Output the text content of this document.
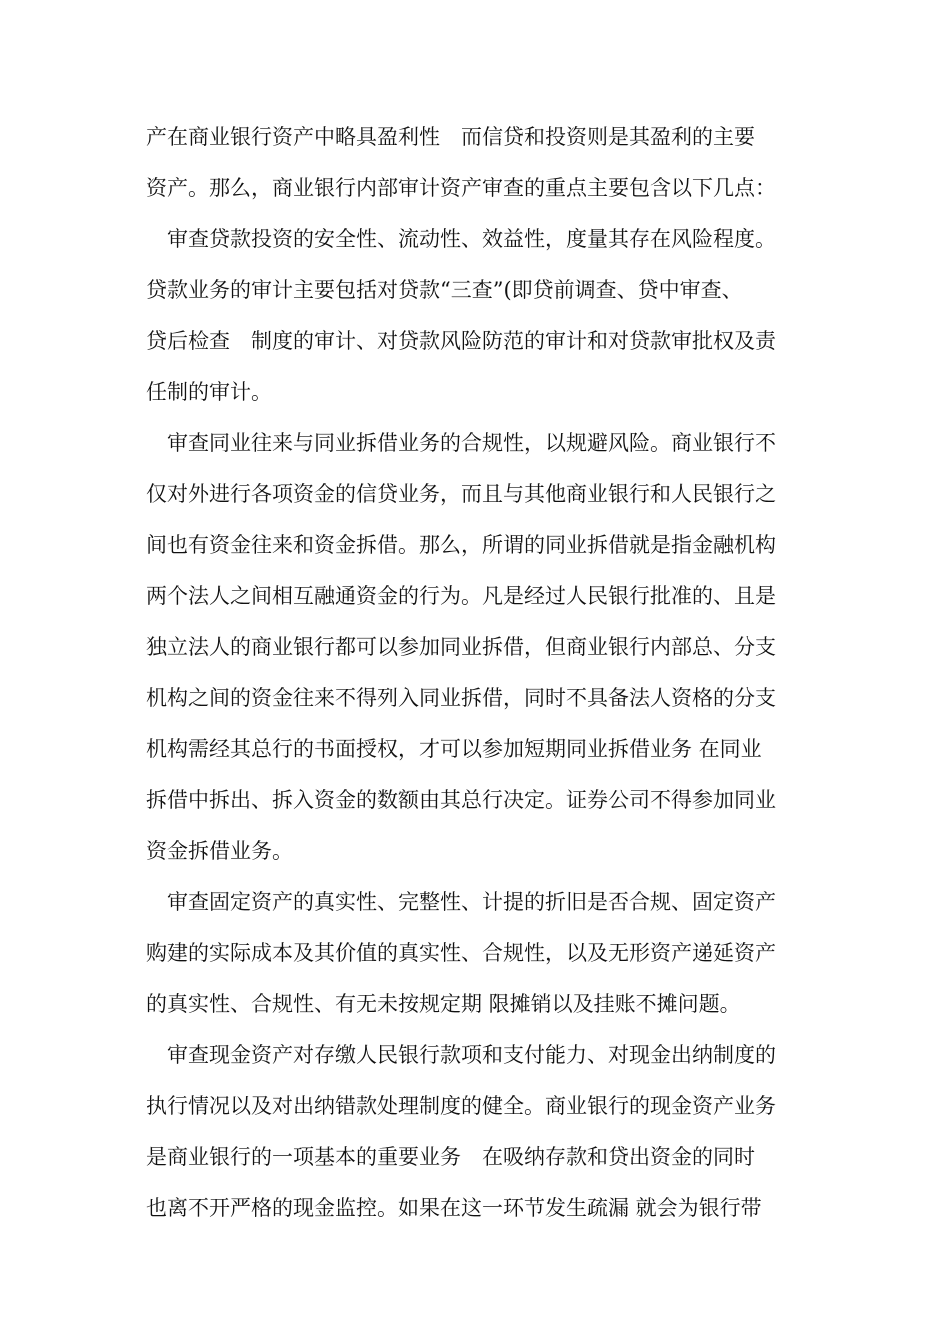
产在商业银行资产中略具盈利性　而信贷和投资则是其盈利的主要
资产。那么，商业银行内部审计资产审查的重点主要包含以下几点：
审查贷款投资的安全性、流动性、效益性，度量其存在风险程度。
贷款业务的审计主要包括对贷款“三查”(即贷前调查、贷中审查、
贷后检查　制度的审计、对贷款风险防范的审计和对贷款审批权及责
任制的审计。
审查同业往来与同业拆借业务的合规性，以规避风险。商业银行不
仅对外进行各项资金的信贷业务，而且与其他商业银行和人民银行之
间也有资金往来和资金拆借。那么，所谓的同业拆借就是指金融机构
两个法人之间相互融通资金的行为。凡是经过人民银行批准的、且是
独立法人的商业银行都可以参加同业拆借，但商业银行内部总、分支
机构之间的资金往来不得列入同业拆借，同时不具备法人资格的分支
机构需经其总行的书面授权，才可以参加短期同业拆借业务 在同业
拆借中拆出、拆入资金的数额由其总行决定。证券公司不得参加同业
资金拆借业务。
审查固定资产的真实性、完整性、计提的折旧是否合规、固定资产
购建的实际成本及其价值的真实性、合规性，以及无形资产递延资产
的真实性、合规性、有无未按规定期 限摊销以及挂账不摊问题。
审查现金资产对存缴人民银行款项和支付能力、对现金出纳制度的
执行情况以及对出纳错款处理制度的健全。商业银行的现金资产业务
是商业银行的一项基本的重要业务　在吸纳存款和贷出资金的同时
也离不开严格的现金监控。如果在这一环节发生疏漏 就会为银行带
